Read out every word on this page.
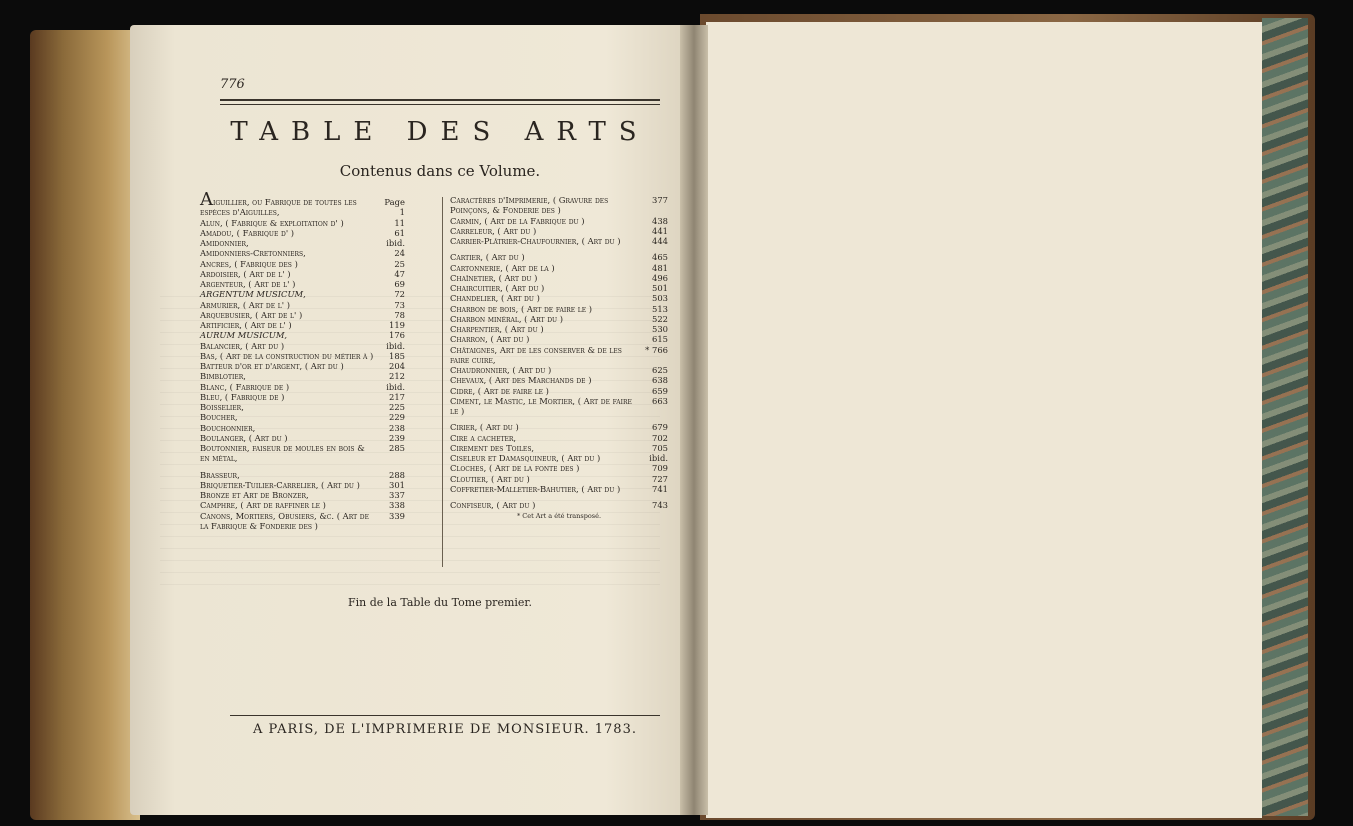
776
TABLE DES ARTS
Contenus dans ce Volume.
Aiguillier, ou Fabrique de toutes les espèces d'Aiguilles,
Page 1
Alun, ( Fabrique & exploitation d' )	11
Amadou, ( Fabrique d' )	61
Amidonnier,	ibid.
Amidonniers-Cretonniers,	24
Ancres, ( Fabrique des )	25
Ardoisier, ( Art de l' )	47
Argenteur, ( Art de l' )	69
ARGENTUM MUSICUM,	72
Armurier, ( Art de l' )	73
Arquebusier, ( Art de l' )	78
Artificier, ( Art de l' )	119
AURUM MUSICUM,	176
Balancier, ( Art du )	ibid.
Bas, ( Art de la construction du métier à )	185
Batteur d'or et d'argent, ( Art du )	204
Bimblotier,	212
Blanc, ( Fabrique de )	ibid.
Bleu, ( Fabrique de )	217
Boisselier,	225
Boucher,	229
Bouchonnier,	238
Boulanger, ( Art du )	239
Boutonnier, faiseur de moules en bois & en métal,
285
Brasseur,	288
Briquetier-Tuilier-Carrelier, ( Art du )	301
Bronze et Art de Bronzer,	337
Camphre, ( Art de raffiner le )	338
Canons, Mortiers, Obusiers, &c. ( Art de la Fabrique & Fonderie des )
339
Caractères d'Imprimerie, ( Gravure des Poinçons, & Fonderie des )
377
Carmin, ( Art de la Fabrique du )	438
Carreleur, ( Art du )	441
Carrier-Plâtrier-Chaufournier, ( Art du )	444
Cartier, ( Art du )	465
Cartonnerie, ( Art de la )	481
Chaînetier, ( Art du )	496
Chaircuitier, ( Art du )	501
Chandelier, ( Art du )	503
Charbon de bois, ( Art de faire le )	513
Charbon minéral, ( Art du )	522
Charpentier, ( Art du )	530
Charron, ( Art du )	615
Châtaignes, Art de les conserver & de les faire cuire,
* 766
Chaudronnier, ( Art du )	625
Chevaux, ( Art des Marchands de )	638
Cidre, ( Art de faire le )	659
Ciment, le Mastic, le Mortier, ( Art de faire le )
663
Cirier, ( Art du )	679
Cire a cacheter,	702
Cirement des Toiles,	705
Ciseleur et Damasquineur, ( Art du )	ibid.
Cloches, ( Art de la fonte des )	709
Cloutier, ( Art du )	727
Coffretier-Malletier-Bahutier, ( Art du )	741
Confiseur, ( Art du )	743
* Cet Art a été transposé.
Fin de la Table du Tome premier.
A PARIS, DE L'IMPRIMERIE DE MONSIEUR. 1783.
